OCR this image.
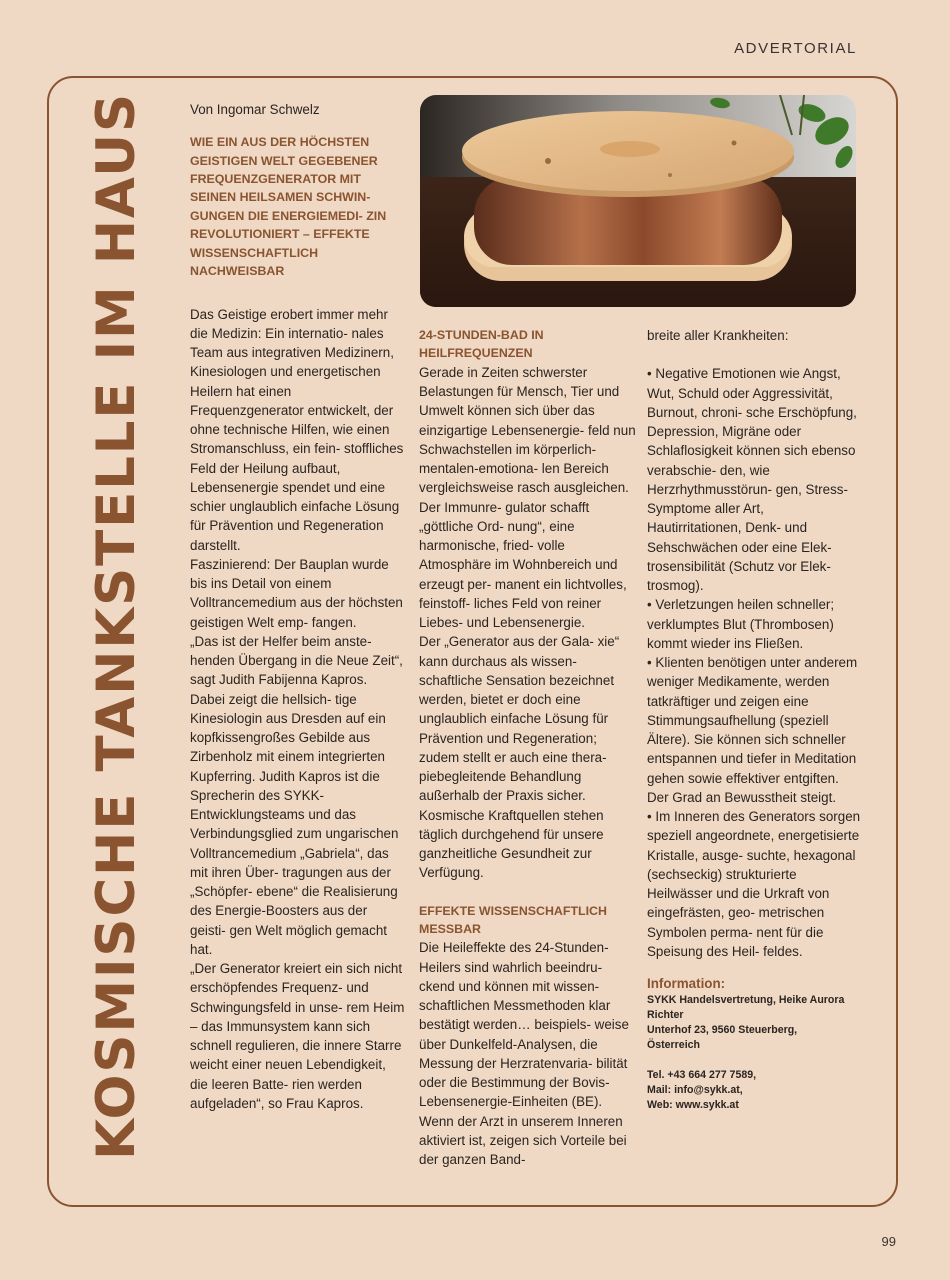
ADVERTORIAL
KOSMISCHE TANKSTELLE IM HAUS	Von Ingomar Schwelz
WIE EIN AUS DER HÖCHSTEN GEISTIGEN WELT GEGEBENER FREQUENZGENERATOR MIT SEINEN HEILSAMEN SCHWIN- GUNGEN DIE ENERGIEMEDI- ZIN REVOLUTIONIERT – EFFEKTE WISSENSCHAFTLICH NACHWEISBAR

Das Geistige erobert immer mehr die Medizin: Ein internatio- nales Team aus integrativen Medizinern, Kinesiologen und energetischen Heilern hat einen Frequenzgenerator entwickelt, der ohne technische Hilfen, wie einen Stromanschluss, ein fein- stoffliches Feld der Heilung aufbaut, Lebensenergie spendet und eine schier unglaublich einfache Lösung für Prävention und Regeneration darstellt.

Faszinierend: Der Bauplan wurde bis ins Detail von einem Volltrancemedium aus der höchsten geistigen Welt emp- fangen.

„Das ist der Helfer beim anste- henden Übergang in die Neue Zeit“, sagt Judith Fabijenna Kapros. Dabei zeigt die hellsich- tige Kinesiologin aus Dresden auf ein kopfkissengroßes Gebilde aus Zirbenholz mit einem integrierten Kupferring. Judith Kapros ist die Sprecherin des SYKK-Entwicklungsteams und das Verbindungsglied zum ungarischen Volltrancemedium „Gabriela“, das mit ihren Über- tragungen aus der „Schöpfer- ebene“ die Realisierung des Energie-Boosters aus der geisti- gen Welt möglich gemacht hat.

„Der Generator kreiert ein sich nicht erschöpfendes Frequenz- und Schwingungsfeld in unse- rem Heim – das Immunsystem kann sich schnell regulieren, die innere Starre weicht einer neuen Lebendigkeit, die leeren Batte- rien werden aufgeladen“, so Frau Kapros.

24-STUNDEN-BAD IN HEILFREQUENZEN

Gerade in Zeiten schwerster Belastungen für Mensch, Tier und Umwelt können sich über das einzigartige Lebensenergie- feld nun Schwachstellen im körperlich-mentalen-emotiona- len Bereich vergleichsweise rasch ausgleichen. Der Immunre- gulator schafft „göttliche Ord- nung“, eine harmonische, fried- volle Atmosphäre im Wohnbereich und erzeugt per- manent ein lichtvolles, feinstoff- liches Feld von reiner Liebes- und Lebensenergie.

Der „Generator aus der Gala- xie“ kann durchaus als wissen- schaftliche Sensation bezeichnet werden, bietet er doch eine unglaublich einfache Lösung für Prävention und Regeneration; zudem stellt er auch eine thera- piebegleitende Behandlung außerhalb der Praxis sicher. Kosmische Kraftquellen stehen täglich durchgehend für unsere ganzheitliche Gesundheit zur Verfügung.

EFFEKTE WISSENSCHAFTLICH MESSBAR

Die Heileffekte des 24-Stunden- Heilers sind wahrlich beeindru- ckend und können mit wissen- schaftlichen Messmethoden klar bestätigt werden… beispiels- weise über Dunkelfeld-Analysen, die Messung der Herzratenvaria- bilität oder die Bestimmung der Bovis-Lebensenergie-Einheiten (BE). Wenn der Arzt in unserem Inneren aktiviert ist, zeigen sich Vorteile bei der ganzen Band-

breite aller Krankheiten:

• Negative Emotionen wie Angst, Wut, Schuld oder Aggressivität, Burnout, chroni- sche Erschöpfung, Depression, Migräne oder Schlaflosigkeit können sich ebenso verabschie- den, wie Herzrhythmusstörun- gen, Stress-Symptome aller Art, Hautirritationen, Denk- und Sehschwächen oder eine Elek- trosensibilität (Schutz vor Elek- trosmog).
• Verletzungen heilen schneller; verklumptes Blut (Thrombosen) kommt wieder ins Fließen.
• Klienten benötigen unter anderem weniger Medikamente, werden tatkräftiger und zeigen eine Stimmungsaufhellung (speziell Ältere). Sie können sich schneller entspannen und tiefer in Meditation gehen sowie effektiver entgiften. Der Grad an Bewusstheit steigt.
• Im Inneren des Generators sorgen speziell angeordnete, energetisierte Kristalle, ausge- suchte, hexagonal (sechseckig) strukturierte Heilwässer und die Urkraft von eingefrästen, geo- metrischen Symbolen perma- nent für die Speisung des Heil- feldes.
Information:
SYKK Handelsvertretung, Heike Aurora Richter
Unterhof 23, 9560 Steuerberg,
Österreich
Tel. +43 664 277 7589,
Mail: info@sykk.at,
Web: www.sykk.at
99
